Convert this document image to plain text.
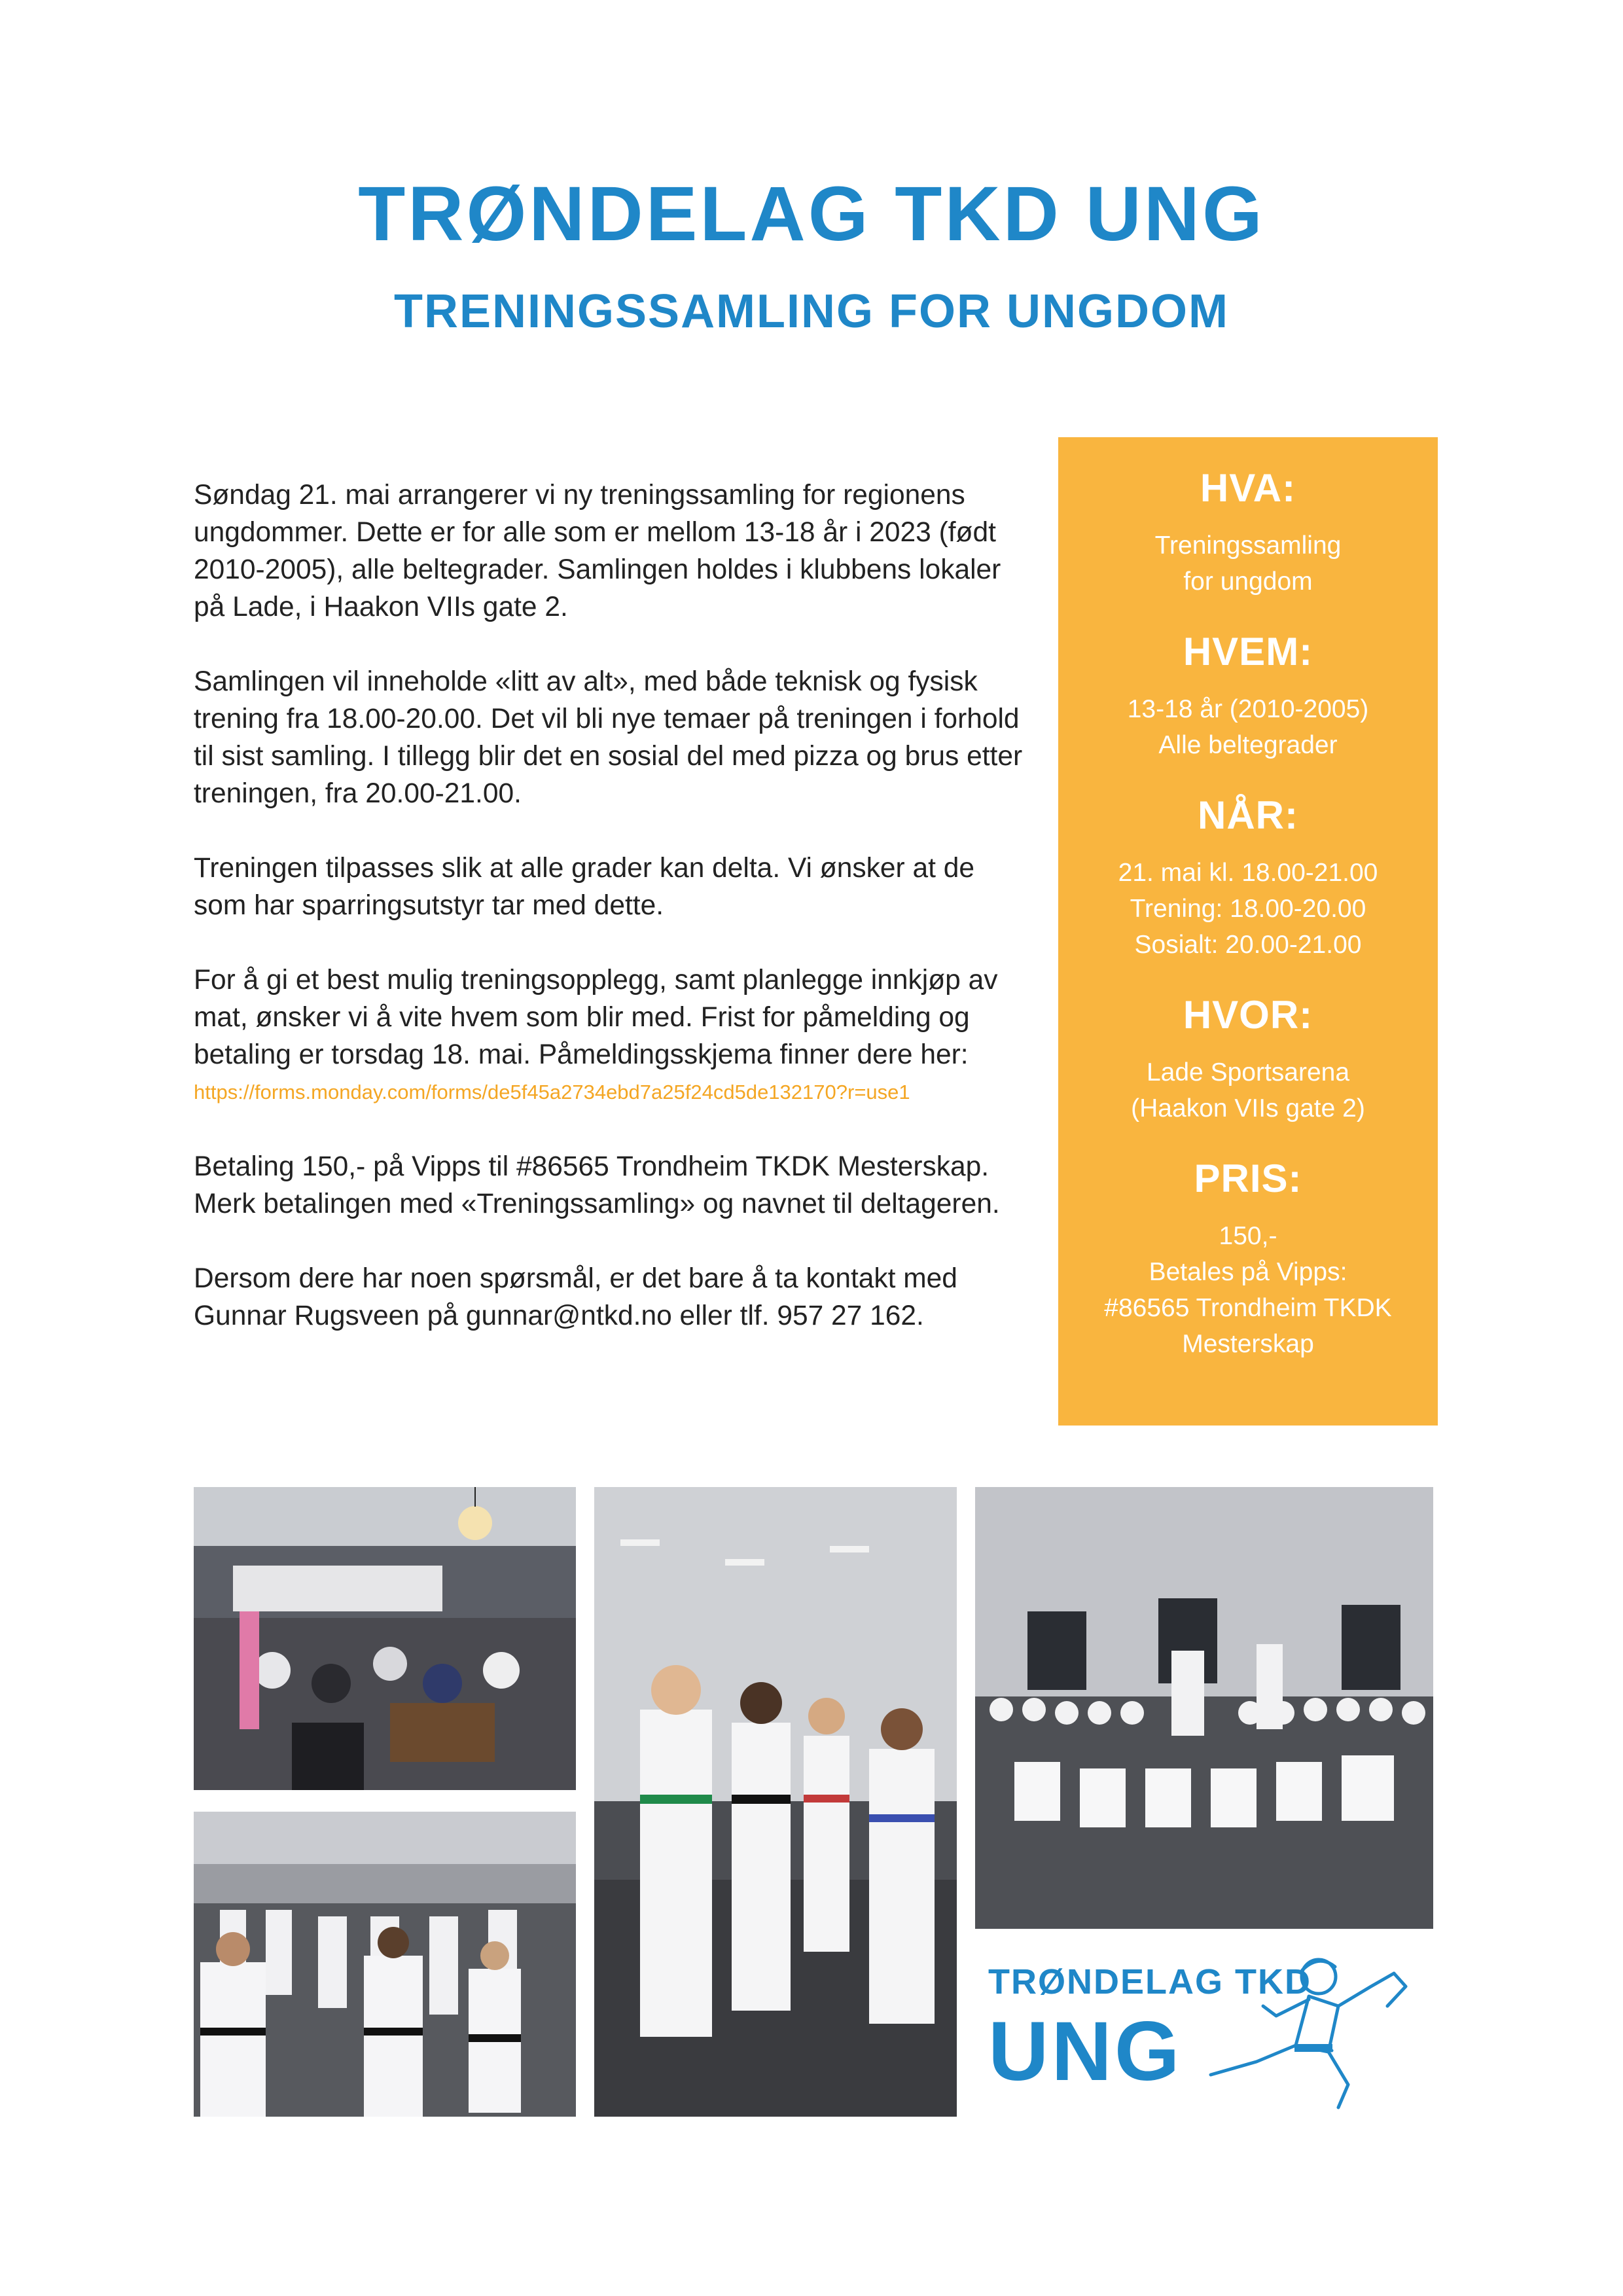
TRØNDELAG TKD UNG
TRENINGSSAMLING FOR UNGDOM

Søndag 21. mai arrangerer vi ny treningssamling for regionens ungdommer. Dette er for alle som er mellom 13-18 år i 2023 (født 2010-2005), alle beltegrader. Samlingen holdes i klubbens lokaler på Lade, i Haakon VIIs gate 2.

Samlingen vil inneholde «litt av alt», med både teknisk og fysisk trening fra 18.00-20.00. Det vil bli nye temaer på treningen i forhold til sist samling. I tillegg blir det en sosial del med pizza og brus etter treningen, fra 20.00-21.00.

Treningen tilpasses slik at alle grader kan delta. Vi ønsker at de som har sparringsutstyr tar med dette.

For å gi et best mulig treningsopplegg, samt planlegge innkjøp av mat, ønsker vi å vite hvem som blir med. Frist for påmelding og betaling er torsdag 18. mai. Påmeldingsskjema finner dere her:
https://forms.monday.com/forms/de5f45a2734ebd7a25f24cd5de132170?r=use1

Betaling 150,- på Vipps til #86565 Trondheim TKDK Mesterskap. Merk betalingen med «Treningssamling» og navnet til deltageren.

Dersom dere har noen spørsmål, er det bare å ta kontakt med Gunnar Rugsveen på gunnar@ntkd.no eller tlf. 957 27 162.

HVA:
Treningssamling
for ungdom
HVEM:
13-18 år (2010-2005)
Alle beltegrader
NÅR:
21. mai kl. 18.00-21.00
Trening: 18.00-20.00
Sosialt: 20.00-21.00
HVOR:
Lade Sportsarena
(Haakon VIIs gate 2)
PRIS:
150,-
Betales på Vipps:
#86565 Trondheim TKDK
Mesterskap
TRØNDELAG TKD
UNG
